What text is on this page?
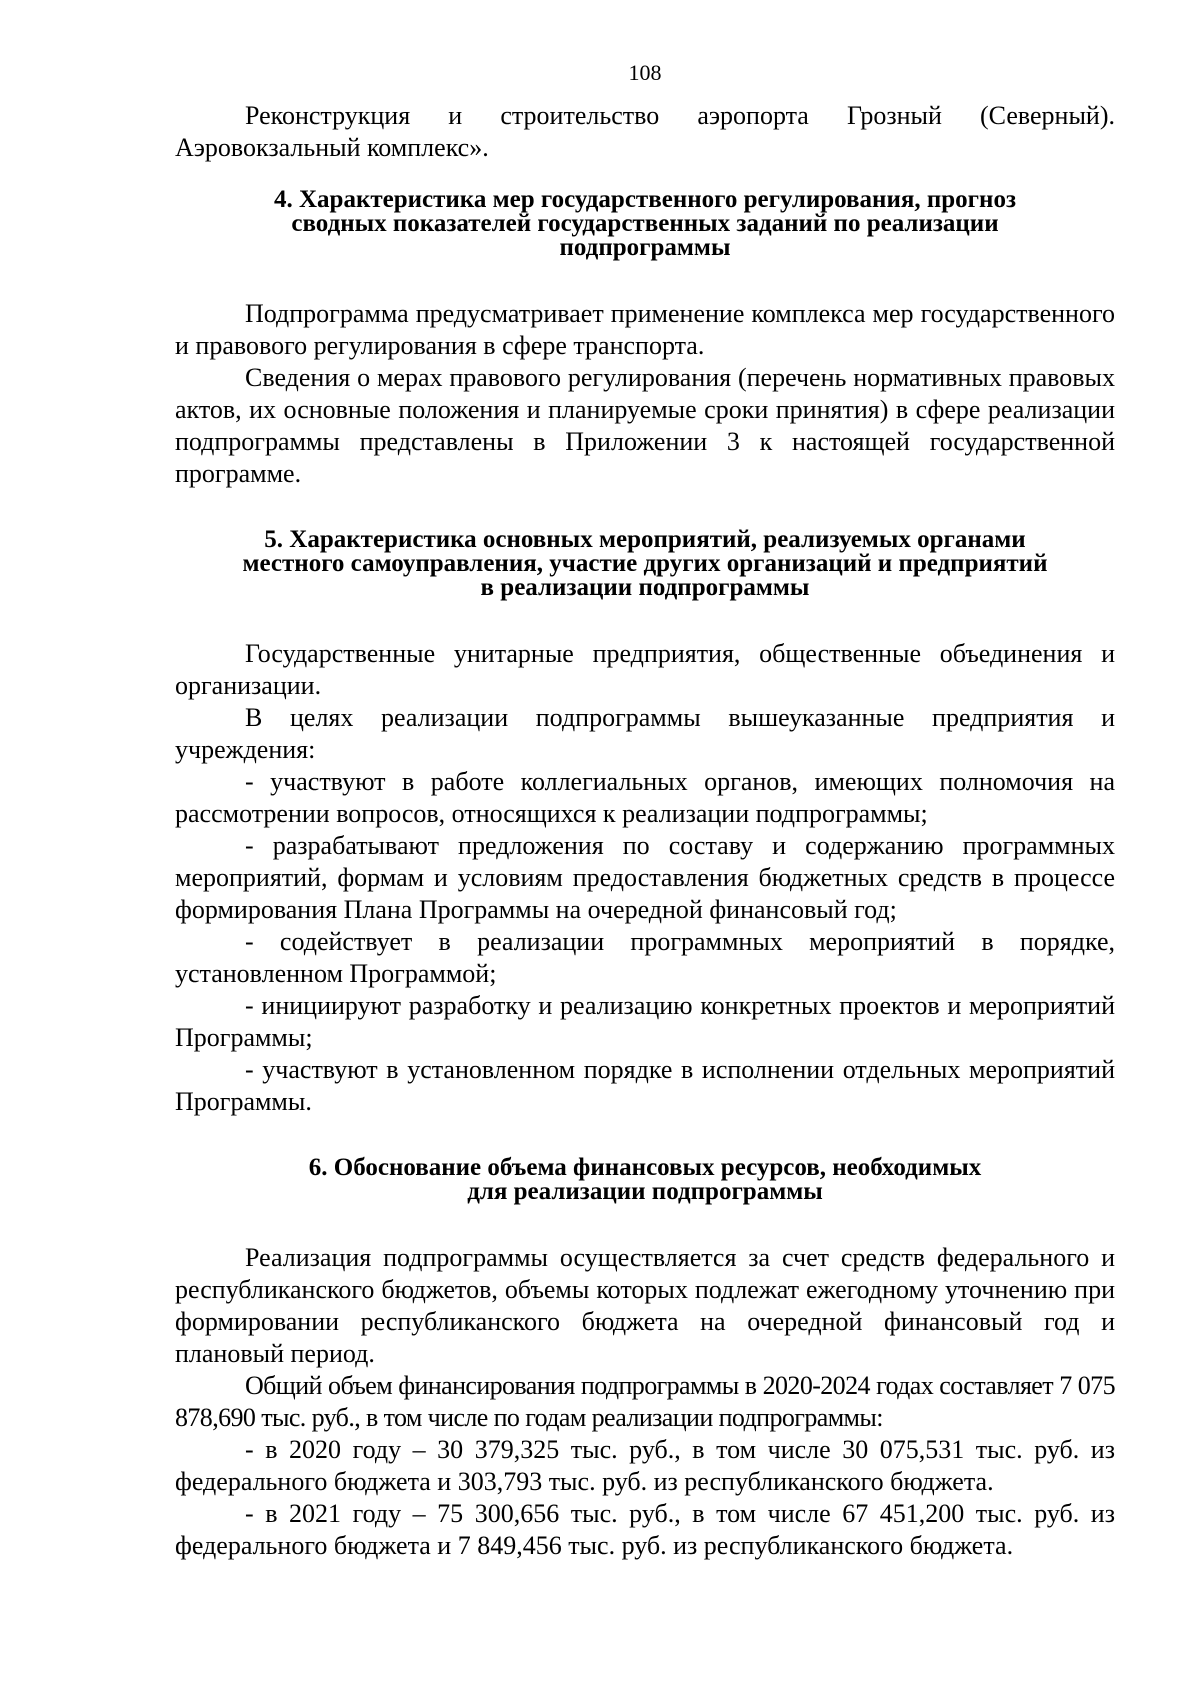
108

Реконструкция и строительство аэропорта Грозный (Северный). Аэровокзальный комплекс».

4. Характеристика мер государственного регулирования, прогноз
сводных показателей государственных заданий по реализации
подпрограммы

Подпрограмма предусматривает применение комплекса мер государственного и правового регулирования в сфере транспорта.

Сведения о мерах правового регулирования (перечень нормативных правовых актов, их основные положения и планируемые сроки принятия) в сфере реализации подпрограммы представлены в Приложении 3 к настоящей государственной программе.

5. Характеристика основных мероприятий, реализуемых органами
местного самоуправления, участие других организаций и предприятий
в реализации подпрограммы

Государственные унитарные предприятия, общественные объединения и организации.

В целях реализации подпрограммы вышеуказанные предприятия и учреждения:

- участвуют в работе коллегиальных органов, имеющих полномочия на рассмотрении вопросов, относящихся к реализации подпрограммы;

- разрабатывают предложения по составу и содержанию программных мероприятий, формам и условиям предоставления бюджетных средств в процессе формирования Плана Программы на очередной финансовый год;

- содействует в реализации программных мероприятий в порядке, установленном Программой;

- инициируют разработку и реализацию конкретных проектов и мероприятий Программы;

- участвуют в установленном порядке в исполнении отдельных мероприятий Программы.

6. Обоснование объема финансовых ресурсов, необходимых
для реализации подпрограммы

Реализация подпрограммы осуществляется за счет средств федерального и республиканского бюджетов, объемы которых подлежат ежегодному уточнению при формировании республиканского бюджета на очередной финансовый год и плановый период.

Общий объем финансирования подпрограммы в 2020-2024 годах составляет 7 075 878,690 тыс. руб., в том числе по годам реализации подпрограммы:

- в 2020 году – 30 379,325 тыс. руб., в том числе 30 075,531 тыс. руб. из федерального бюджета и 303,793 тыс. руб. из республиканского бюджета.

- в 2021 году – 75 300,656 тыс. руб., в том числе 67 451,200 тыс. руб. из федерального бюджета и 7 849,456 тыс. руб. из республиканского бюджета.
